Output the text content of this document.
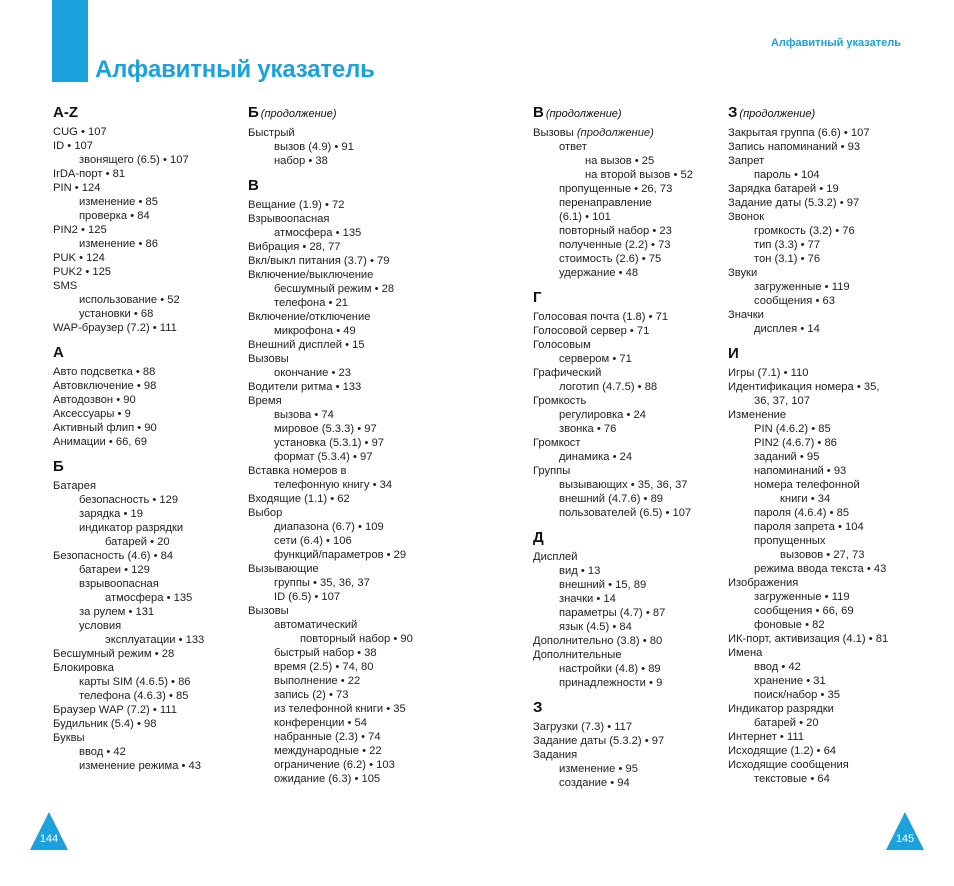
Алфавитный указатель
Алфавитный указатель
A-Z
CUG • 107
ID • 107
звонящего (6.5) • 107
IrDA-порт • 81
PIN • 124
изменение • 85
проверка • 84
PIN2 • 125
изменение • 86
PUK • 124
PUK2 • 125
SMS
использование • 52
установки • 68
WAP-браузер (7.2) • 111
А
Авто подсветка • 88
Автовключение • 98
Автодозвон • 90
Аксессуары • 9
Активный флип • 90
Анимации • 66, 69
Б
Батарея
безопасность • 129
зарядка • 19
индикатор разрядки
батарей • 20
Безопасность (4.6) • 84
батареи • 129
взрывоопасная
атмосфера • 135
за рулем • 131
условия
эксплуатации • 133
Бесшумный режим • 28
Блокировка
карты SIM (4.6.5) • 86
телефона (4.6.3) • 85
Браузер WAP (7.2) • 111
Будильник (5.4) • 98
Буквы
ввод • 42
изменение режима • 43
Б (продолжение)
Быстрый
вызов (4.9) • 91
набор • 38
В
Вещание (1.9) • 72
Взрывоопасная
атмосфера • 135
Вибрация • 28, 77
Вкл/выкл питания (3.7) • 79
Включение/выключение
бесшумный режим • 28
телефона • 21
Включение/отключение
микрофона • 49
Внешний дисплей • 15
Вызовы
окончание • 23
Водители ритма • 133
Время
вызова • 74
мировое (5.3.3) • 97
установка (5.3.1) • 97
формат (5.3.4) • 97
Вставка номеров в
телефонную книгу • 34
Входящие (1.1) • 62
Выбор
диапазона (6.7) • 109
сети (6.4) • 106
функций/параметров • 29
Вызывающие
группы • 35, 36, 37
ID (6.5) • 107
Вызовы
автоматический
повторный набор • 90
быстрый набор • 38
время (2.5) • 74, 80
выполнение • 22
запись (2) • 73
из телефонной книги • 35
конференции • 54
набранные (2.3) • 74
международные • 22
ограничение (6.2) • 103
ожидание (6.3) • 105
В (продолжение)
Вызовы (продолжение)
ответ
на вызов • 25
на второй вызов • 52
пропущенные • 26, 73
перенаправление
(6.1) • 101
повторный набор • 23
полученные (2.2) • 73
стоимость (2.6) • 75
удержание • 48
Г
Голосовая почта (1.8) • 71
Голосовой сервер • 71
Голосовым
сервером • 71
Графический
логотип (4.7.5) • 88
Громкость
регулировка • 24
звонка • 76
Громкост
динамика • 24
Группы
вызывающих • 35, 36, 37
внешний (4.7.6) • 89
пользователей (6.5) • 107
Д
Дисплей
вид • 13
внешний • 15, 89
значки • 14
параметры (4.7) • 87
язык (4.5) • 84
Дополнительно (3.8) • 80
Дополнительные
настройки (4.8) • 89
принадлежности • 9
З
Загрузки (7.3) • 117
Задание даты (5.3.2) • 97
Задания
изменение • 95
создание • 94
З (продолжение)
Закрытая группа (6.6) • 107
Запись напоминаний • 93
Запрет
пароль • 104
Зарядка батарей • 19
Задание даты (5.3.2) • 97
Звонок
громкость (3.2) • 76
тип (3.3) • 77
тон (3.1) • 76
Звуки
загруженные • 119
сообщения • 63
Значки
дисплея • 14
И
Игры (7.1) • 110
Идентификация номера • 35,
36, 37, 107
Изменение
PIN (4.6.2) • 85
PIN2 (4.6.7) • 86
заданий • 95
напоминаний • 93
номера телефонной
книги • 34
пароля (4.6.4) • 85
пароля запрета • 104
пропущенных
вызовов • 27, 73
режима ввода текста • 43
Изображения
загруженные • 119
сообщения • 66, 69
фоновые • 82
ИК-порт, активизация (4.1) • 81
Имена
ввод • 42
хранение • 31
поиск/набор • 35
Индикатор разрядки
батарей • 20
Интернет • 111
Исходящие (1.2) • 64
Исходящие сообщения
текстовые • 64
144	145
